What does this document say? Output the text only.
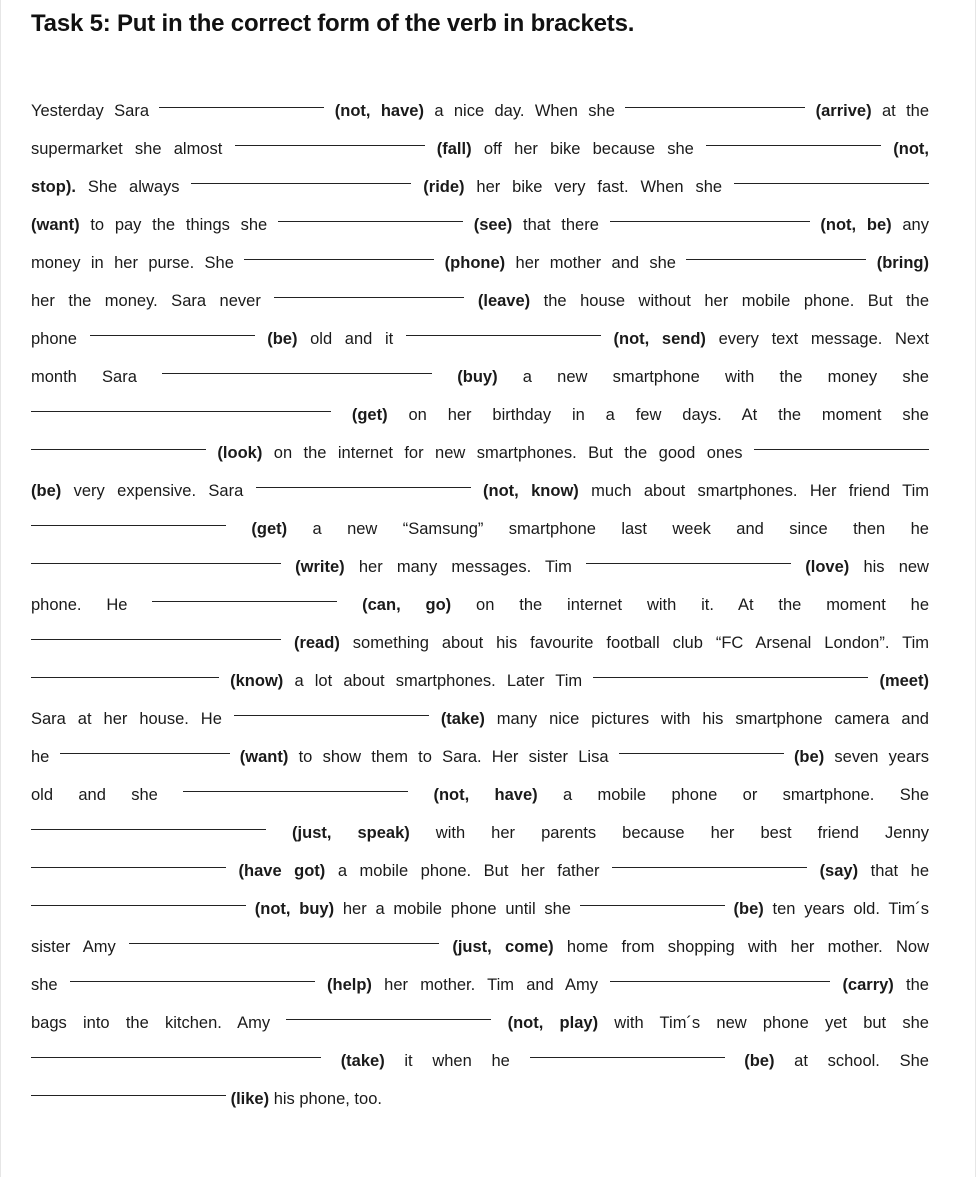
Task 5: Put in the correct form of the verb in brackets.
Yesterday Sara	(not, have) a nice day. When she	(arrive) at the
supermarket she almost	(fall) off her bike because she	(not,
stop). She always	(ride) her bike very fast. When she
(want) to pay the things she	(see) that there	(not, be) any
money in her purse. She	(phone) her mother and she	(bring)
her the money. Sara never	(leave) the house without her mobile phone. But the
phone	(be) old and it	(not, send) every text message. Next
month Sara	(buy) a new smartphone with the money she
(get) on her birthday in a few days. At the moment she
(look) on the internet for new smartphones. But the good ones
(be) very expensive. Sara	(not, know) much about smartphones. Her friend Tim
(get) a new “Samsung” smartphone last week and since then he
(write) her many messages. Tim	(love) his new
phone. He	(can, go) on the internet with it. At the moment he
(read) something about his favourite football club “FC Arsenal London”. Tim
(know) a lot about smartphones. Later Tim	(meet)
Sara at her house. He	(take) many nice pictures with his smartphone camera and
he	(want) to show them to Sara. Her sister Lisa	(be) seven years
old and she	(not, have) a mobile phone or smartphone. She
(just, speak) with her parents because her best friend Jenny
(have got) a mobile phone. But her father	(say) that he
(not, buy) her a mobile phone until she	(be) ten years old. Tim´s
sister Amy	(just, come) home from shopping with her mother. Now
she	(help) her mother. Tim and Amy	(carry) the
bags into the kitchen. Amy	(not, play) with Tim´s new phone yet but she
(take) it when he	(be) at school. She
(like) his phone, too.
